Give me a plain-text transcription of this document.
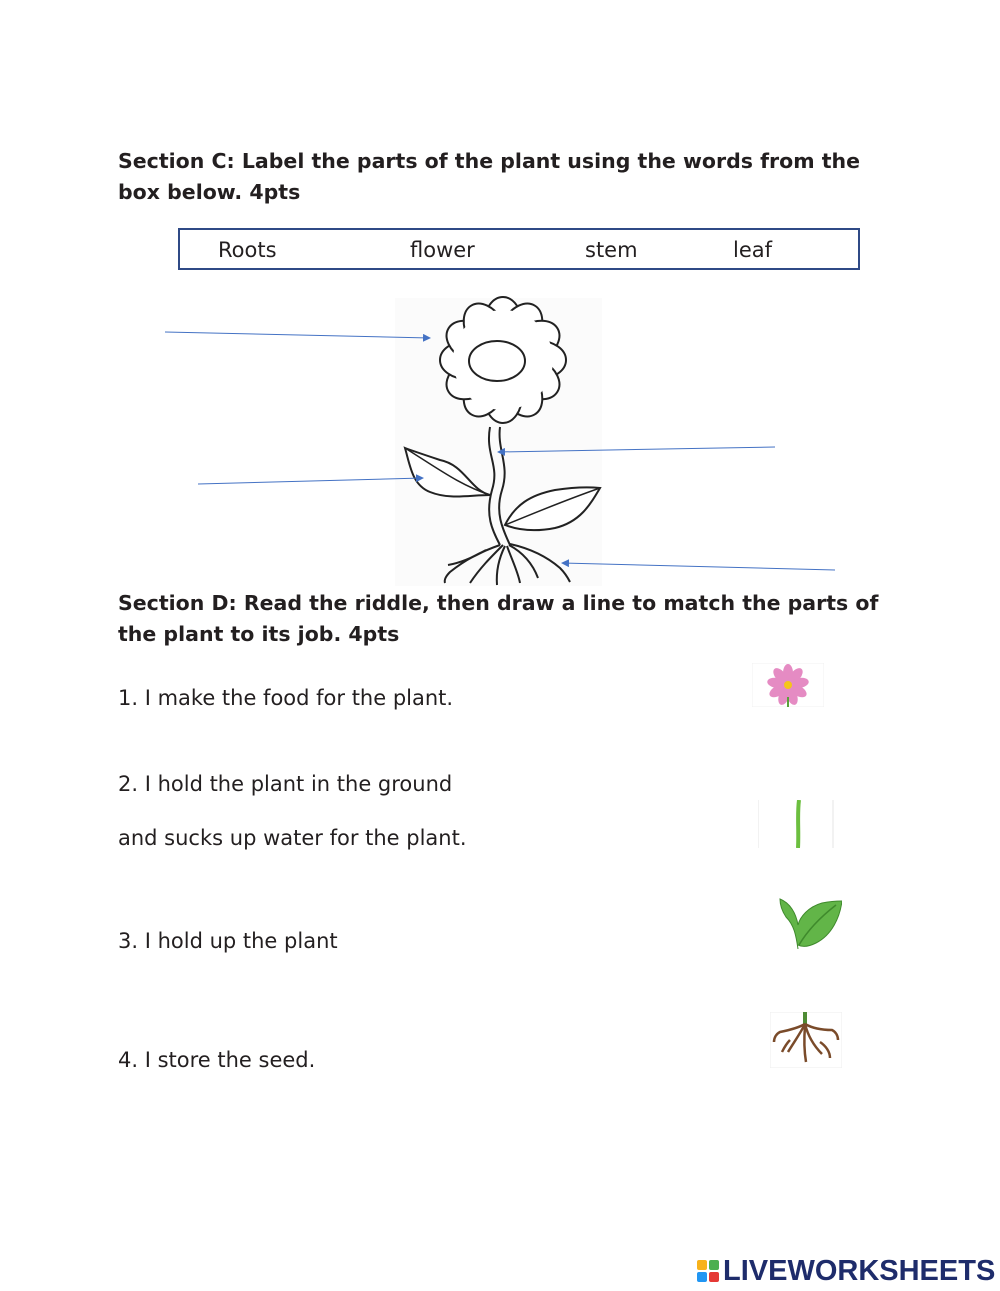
Section C: Label the parts of the plant using the words from the box below. 4pts
Roots	flower	stem	leaf
Section D: Read the riddle, then draw a line to match the parts of the plant to its job. 4pts

1. I make the food for the plant.

2. I hold the plant in the ground

and sucks up water for the plant.

3. I hold up the plant

4. I store the seed.

LIVEWORKSHEETS
